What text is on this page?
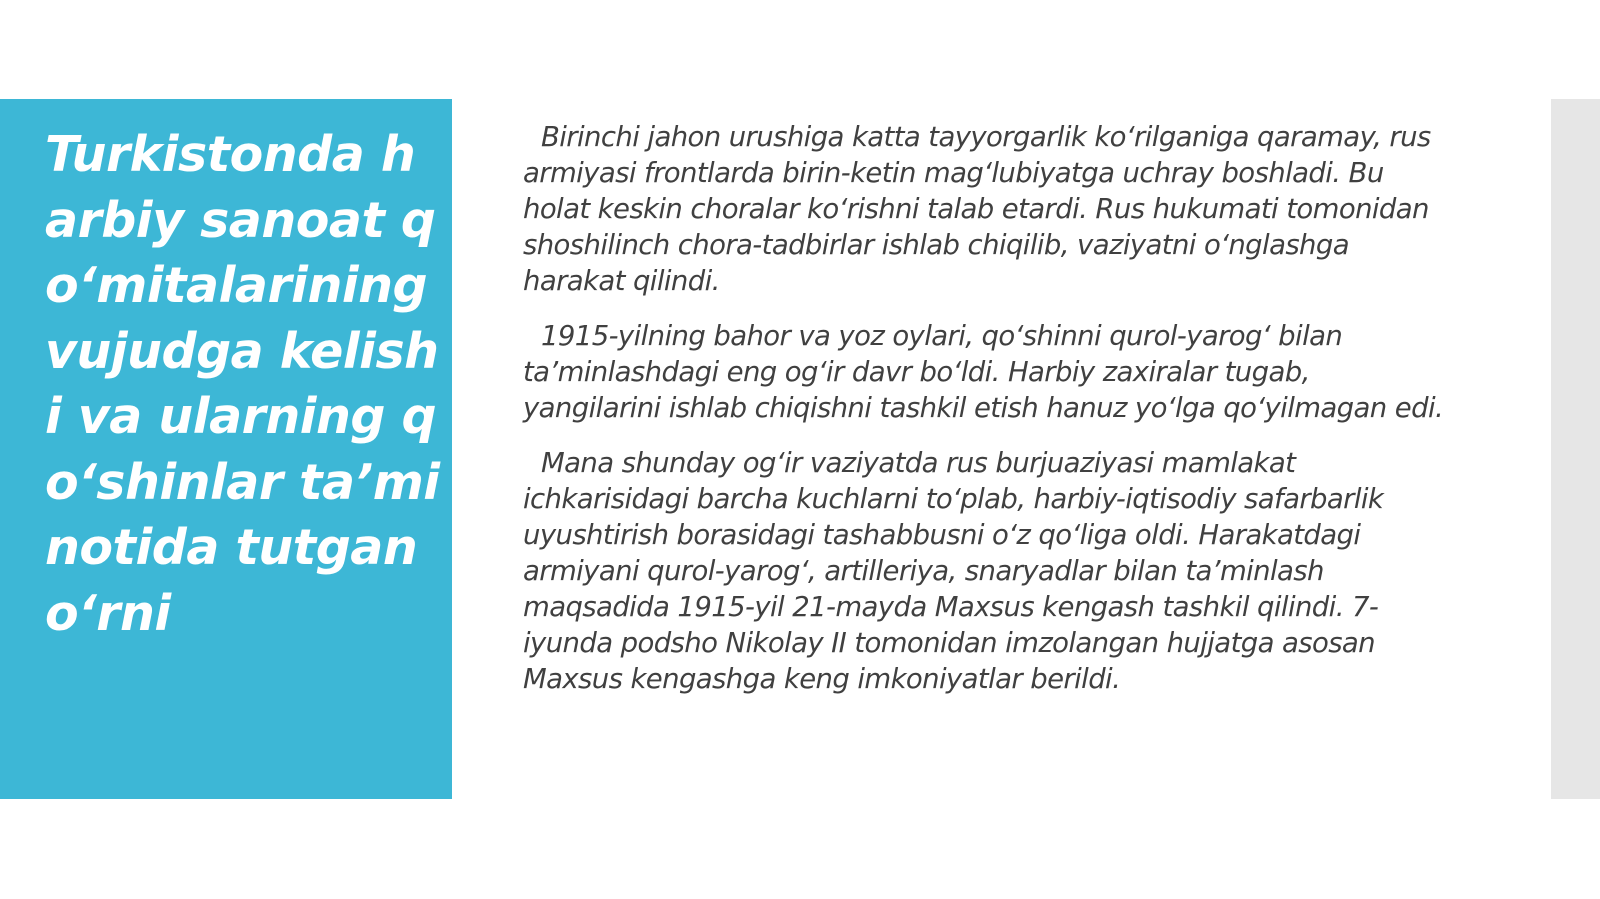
Turkistonda harbiy sanoat qo‘mitalarining vujudga kelishi va ularning qo‘shinlar ta’minotida tutgan o‘rni

Birinchi jahon urushiga katta tayyorgarlik ko‘rilganiga qaramay, rus armiyasi frontlarda birin-ketin mag‘lubiyatga uchray boshladi. Bu holat keskin choralar ko‘rishni talab etardi. Rus hukumati tomonidan shoshilinch chora-tadbirlar ishlab chiqilib, vaziyatni o‘nglashga harakat qilindi.

1915-yilning bahor va yoz oylari, qo‘shinni qurol-yarog‘ bilan ta’minlashdagi eng og‘ir davr bo‘ldi. Harbiy zaxiralar tugab, yangilarini ishlab chiqishni tashkil etish hanuz yo‘lga qo‘yilmagan edi.

Mana shunday og‘ir vaziyatda rus burjuaziyasi mamlakat ichkarisidagi barcha kuchlarni to‘plab, harbiy-iqtisodiy safarbarlik uyushtirish borasidagi tashabbusni o‘z qo‘liga oldi. Harakatdagi armiyani qurol-yarog‘, artilleriya, snaryadlar bilan ta’minlash maqsadida 1915-yil 21-mayda Maxsus kengash tashkil qilindi. 7-iyunda podsho Nikolay II tomonidan imzolangan hujjatga asosan Maxsus kengashga keng imkoniyatlar berildi.
